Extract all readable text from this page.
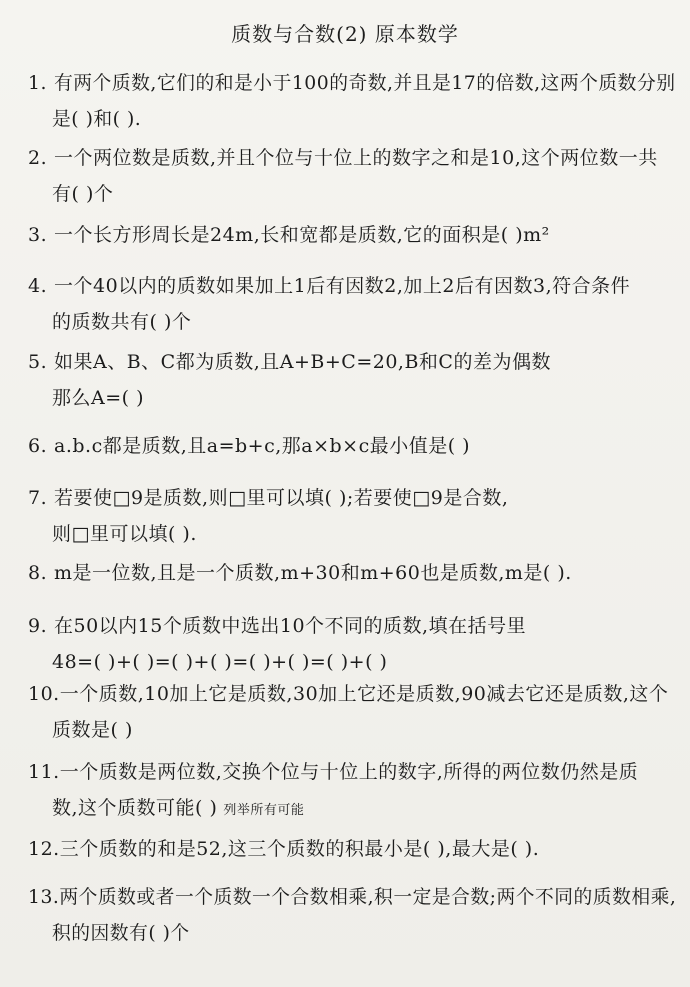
质数与合数(2) 原本数学
1. 有两个质数,它们的和是小于100的奇数,并且是17的倍数,这两个质数分别
是( )和( ).
2. 一个两位数是质数,并且个位与十位上的数字之和是10,这个两位数一共
有( )个
3. 一个长方形周长是24m,长和宽都是质数,它的面积是( )m²
4. 一个40以内的质数如果加上1后有因数2,加上2后有因数3,符合条件
的质数共有( )个
5. 如果A、B、C都为质数,且A+B+C=20,B和C的差为偶数
那么A=( )
6. a.b.c都是质数,且a=b+c,那a×b×c最小值是( )
7. 若要使□9是质数,则□里可以填( );若要使□9是合数,
则□里可以填( ).
8. m是一位数,且是一个质数,m+30和m+60也是质数,m是( ).
9. 在50以内15个质数中选出10个不同的质数,填在括号里
48=( )+( )=( )+( )=( )+( )=( )+( )
10.一个质数,10加上它是质数,30加上它还是质数,90减去它还是质数,这个
质数是( )
11.一个质数是两位数,交换个位与十位上的数字,所得的两位数仍然是质
数,这个质数可能( ) 列举所有可能
12.三个质数的和是52,这三个质数的积最小是( ),最大是( ).
13.两个质数或者一个质数一个合数相乘,积一定是合数;两个不同的质数相乘,
积的因数有( )个
